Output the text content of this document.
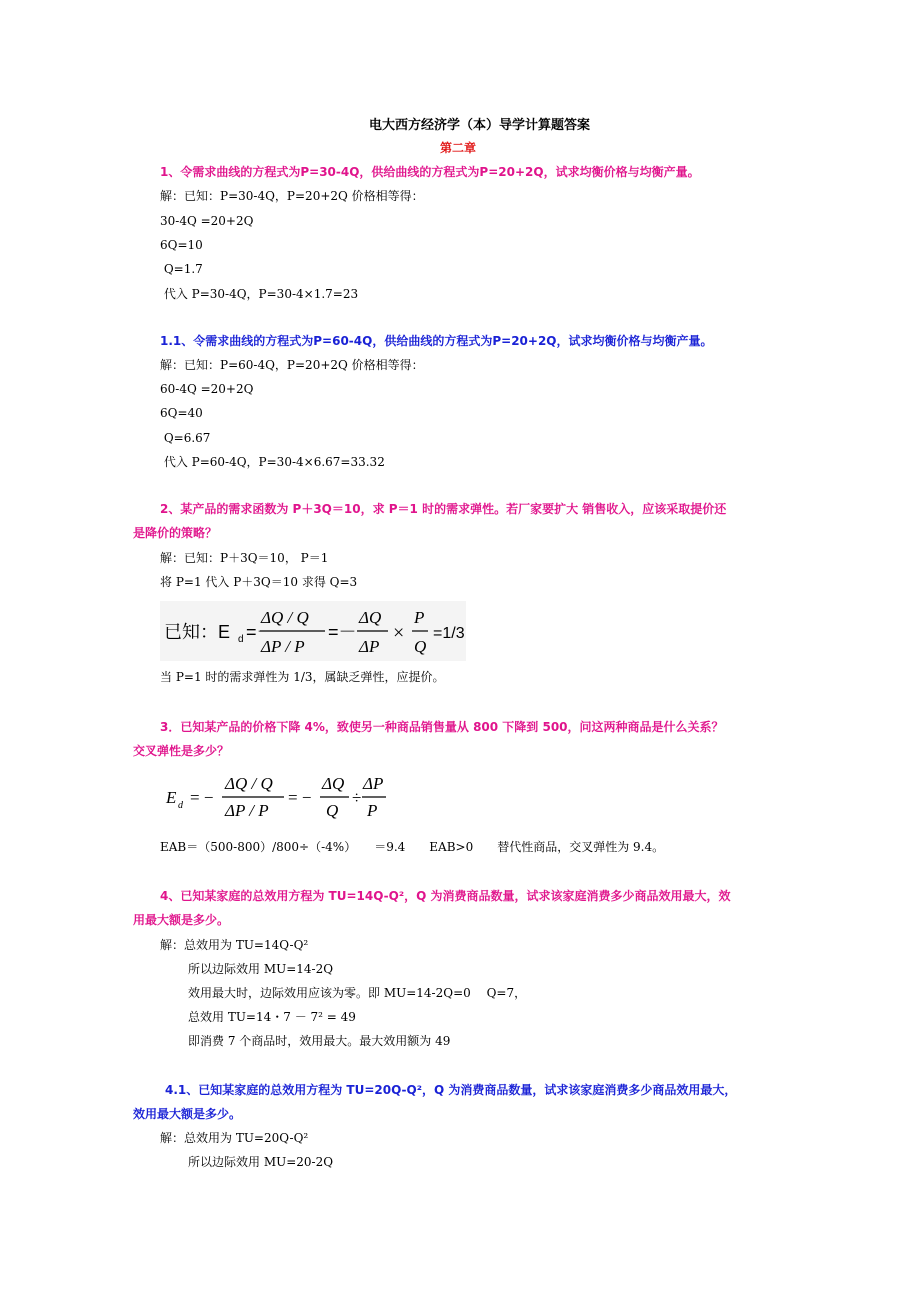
电大西方经济学（本）导学计算题答案
第二章
1、令需求曲线的方程式为P=30-4Q，供给曲线的方程式为P=20+2Q，试求均衡价格与均衡产量。
解：已知：P=30-4Q，P=20+2Q 价格相等得：
30-4Q =20+2Q
6Q=10
Q=1.7
代入 P=30-4Q，P=30-4×1.7=23
1.1、令需求曲线的方程式为P=60-4Q，供给曲线的方程式为P=20+2Q，试求均衡价格与均衡产量。
解：已知：P=60-4Q，P=20+2Q 价格相等得：
60-4Q =20+2Q
6Q=40
Q=6.67
代入 P=60-4Q，P=30-4×6.67=33.32
2、某产品的需求函数为 P＋3Q＝10，求 P＝1 时的需求弹性。若厂家要扩大 销售收入，应该采取提价还
是降价的策略？
解：已知：P＋3Q＝10， P＝1
将 P=1 代入 P＋3Q＝10 求得 Q=3
已知：E d =－
ΔQ / Q
ΔP / P
=－
ΔQ
ΔP
×
P
Q
=1/3
当 P=1 时的需求弹性为 1/3，属缺乏弹性，应提价。
3．已知某产品的价格下降 4%，致使另一种商品销售量从 800 下降到 500，问这两种商品是什么关系？
交叉弹性是多少？
E d = −
ΔQ / Q
ΔP / P
= −
ΔQ
Q
÷
ΔP
P
EAB＝（500-800）/800÷（-4%）　　＝9.4　　EAB>0　　替代性商品，交叉弹性为 9.4。
4、已知某家庭的总效用方程为 TU=14Q-Q²，Q 为消费商品数量，试求该家庭消费多少商品效用最大，效
用最大额是多少。
解：总效用为 TU=14Q-Q²
所以边际效用 MU=14-2Q
效用最大时，边际效用应该为零。即 MU=14-2Q=0　 Q=7，
总效用 TU=14・7 － 7² = 49
即消费 7 个商品时，效用最大。最大效用额为 49
4.1、已知某家庭的总效用方程为 TU=20Q-Q²，Q 为消费商品数量，试求该家庭消费多少商品效用最大，
效用最大额是多少。
解：总效用为 TU=20Q-Q²
所以边际效用 MU=20-2Q
